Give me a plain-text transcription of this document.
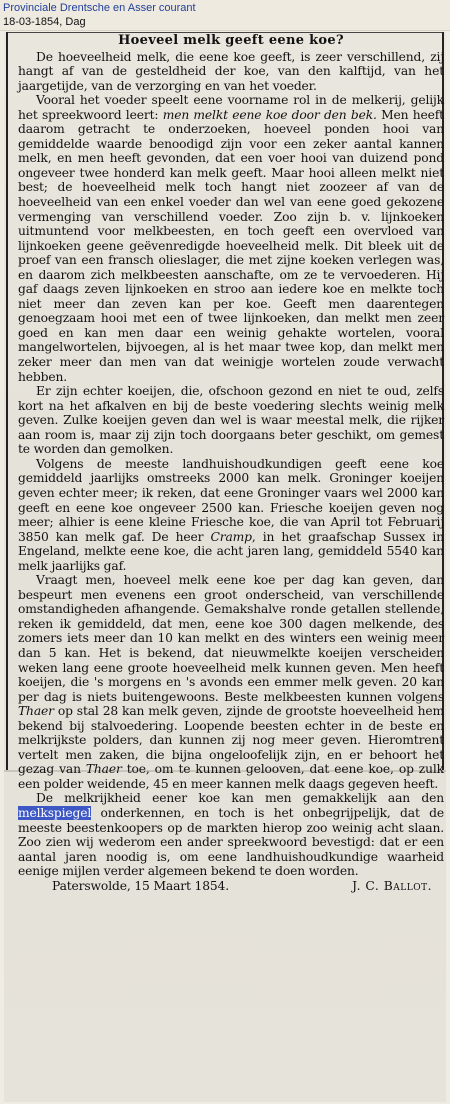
Provinciale Drentsche en Asser courant
18-03-1854, Dag
Hoeveel melk geeft eene koe?

De hoeveelheid melk, die eene koe geeft, is zeer verschillend, zij hangt af van de gesteldheid der koe, van den kalftijd, van het jaargetijde, van de verzorging en van het voeder.

Vooral het voeder speelt eene voorname rol in de melkerij, gelijk het spreekwoord leert: men melkt eene koe door den bek. Men heeft daarom getracht te onderzoeken, hoeveel ponden hooi van gemiddelde waarde benoodigd zijn voor een zeker aantal kannen melk, en men heeft gevonden, dat een voer hooi van duizend pond ongeveer twee honderd kan melk geeft. Maar hooi alleen melkt niet best; de hoeveelheid melk toch hangt niet zoozeer af van de hoeveelheid van een enkel voeder dan wel van eene goed gekozene vermenging van verschillend voeder. Zoo zijn b. v. lijnkoeken uitmuntend voor melkbeesten, en toch geeft een overvloed van lijnkoeken geene geëvenredigde hoeveelheid melk. Dit bleek uit de proef van een fransch olieslager, die met zijne koeken verlegen was, en daarom zich melkbeesten aanschafte, om ze te vervoederen. Hij gaf daags zeven lijnkoeken en stroo aan iedere koe en melkte toch niet meer dan zeven kan per koe. Geeft men daarentegen genoegzaam hooi met een of twee lijnkoeken, dan melkt men zeer goed en kan men daar een weinig gehakte wortelen, vooral mangelwortelen, bijvoegen, al is het maar twee kop, dan melkt men zeker meer dan men van dat weinigje wortelen zoude verwacht hebben.

Er zijn echter koeijen, die, ofschoon gezond en niet te oud, zelfs kort na het afkalven en bij de beste voedering slechts weinig melk geven. Zulke koeijen geven dan wel is waar meestal melk, die rijker aan room is, maar zij zijn toch doorgaans beter geschikt, om gemest te worden dan gemolken.

Volgens de meeste landhuishoudkundigen geeft eene koe gemiddeld jaarlijks omstreeks 2000 kan melk. Groninger koeijen geven echter meer; ik reken, dat eene Groninger vaars wel 2000 kan geeft en eene koe ongeveer 2500 kan. Friesche koeijen geven nog meer; alhier is eene kleine Friesche koe, die van April tot Februarij 3850 kan melk gaf. De heer Cramp, in het graafschap Sussex in Engeland, melkte eene koe, die acht jaren lang, gemiddeld 5540 kan melk jaarlijks gaf.

Vraagt men, hoeveel melk eene koe per dag kan geven, dan bespeurt men evenens een groot onderscheid, van verschillende omstandigheden afhangende. Gemakshalve ronde getallen stellende, reken ik gemiddeld, dat men, eene koe 300 dagen melkende, des zomers iets meer dan 10 kan melkt en des winters een weinig meer dan 5 kan. Het is bekend, dat nieuwmelkte koeijen verscheiden weken lang eene groote hoeveelheid melk kunnen geven. Men heeft koeijen, die 's morgens en 's avonds een emmer melk geven. 20 kan per dag is niets buitengewoons. Beste melkbeesten kunnen volgens Thaer op stal 28 kan melk geven, zijnde de grootste hoeveelheid hem bekend bij stalvoedering. Loopende beesten echter in de beste en melkrijkste polders, dan kunnen zij nog meer geven. Hieromtrent vertelt men zaken, die bijna ongeloofelijk zijn, en er behoort het gezag van Thaer toe, om te kunnen gelooven, dat eene koe, op zulk een polder weidende, 45 en meer kannen melk daags gegeven heeft.

De melkrijkheid eener koe kan men gemakkelijk aan den melkspiegel onderkennen, en toch is het onbegrijpelijk, dat de meeste beestenkoopers op de markten hierop zoo weinig acht slaan. Zoo zien wij wederom een ander spreekwoord bevestigd: dat er een aantal jaren noodig is, om eene landhuishoudkundige waarheid eenige mijlen verder algemeen bekend te doen worden.

Paterswolde, 15 Maart 1854.	J. C. Ballot.
